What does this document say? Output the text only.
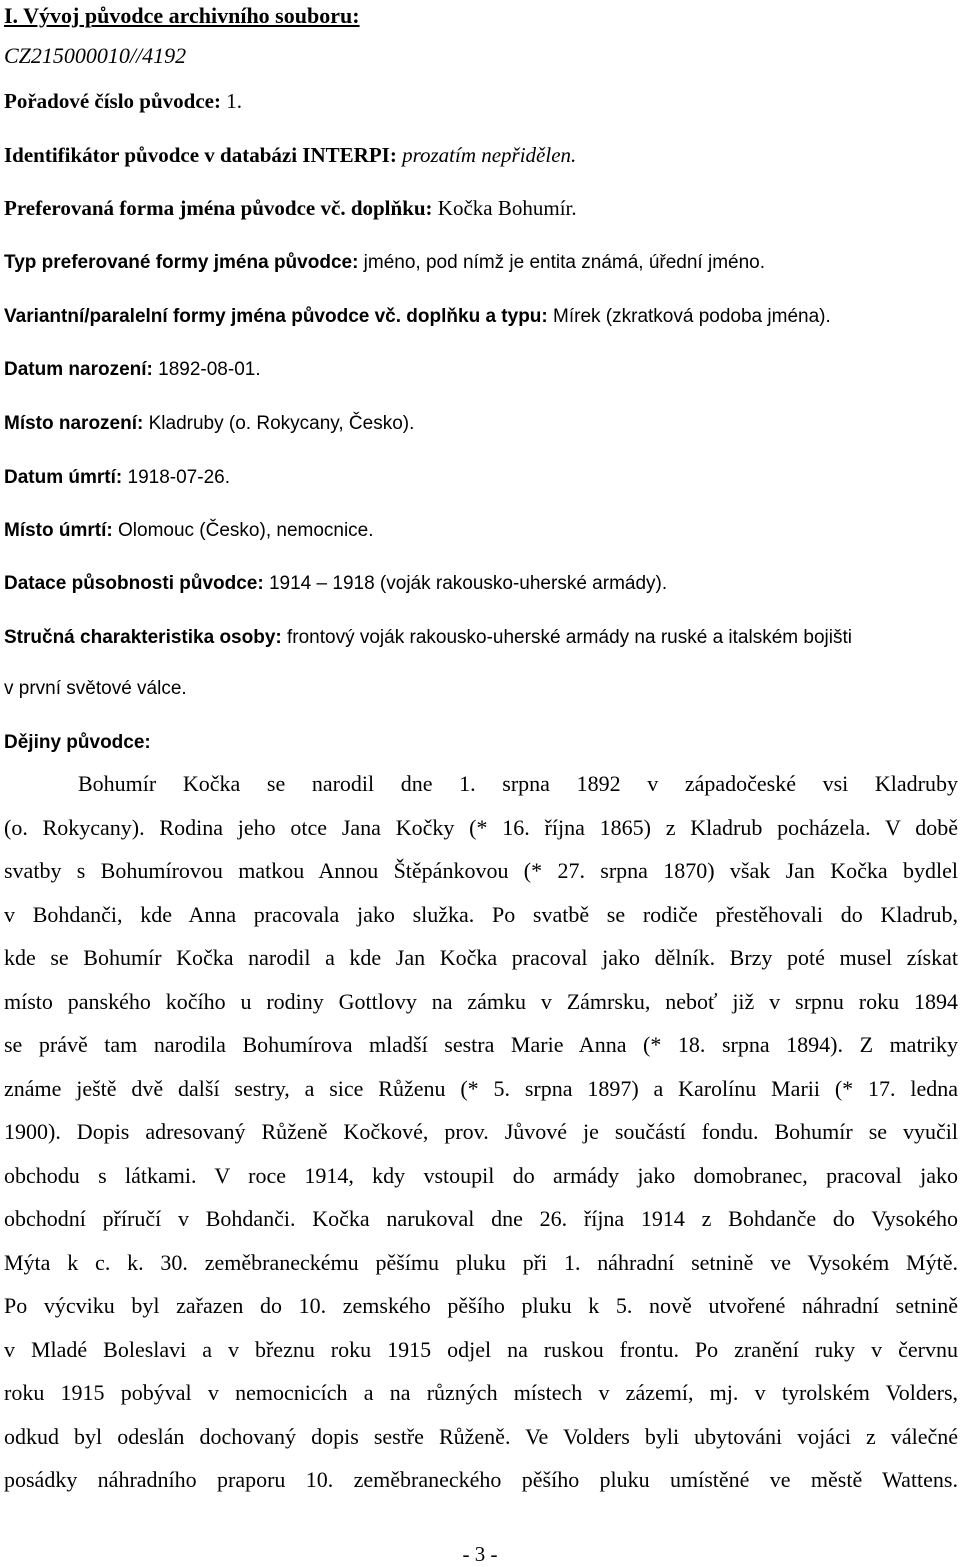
I. Vývoj původce archivního souboru:
CZ215000010//4192
Pořadové číslo původce: 1.
Identifikátor původce v databázi INTERPI: prozatím nepřidělen.
Preferovaná forma jména původce vč. doplňku: Kočka Bohumír.
Typ preferované formy jména původce: jméno, pod nímž je entita známá, úřední jméno.
Variantní/paralelní formy jména původce vč. doplňku a typu: Mírek (zkratková podoba jména).
Datum narození: 1892-08-01.
Místo narození: Kladruby (o. Rokycany, Česko).
Datum úmrtí: 1918-07-26.
Místo úmrtí: Olomouc (Česko), nemocnice.
Datace působnosti původce: 1914 – 1918 (voják rakousko-uherské armády).
Stručná charakteristika osoby: frontový voják rakousko-uherské armády na ruské a italském bojišti
v první světové válce.
Dějiny původce:
Bohumír Kočka se narodil dne 1. srpna 1892 v západočeské vsi Kladruby
(o. Rokycany). Rodina jeho otce Jana Kočky (* 16. října 1865) z Kladrub pocházela. V době
svatby s Bohumírovou matkou Annou Štěpánkovou (* 27. srpna 1870) však Jan Kočka bydlel
v Bohdanči, kde Anna pracovala jako služka. Po svatbě se rodiče přestěhovali do Kladrub,
kde se Bohumír Kočka narodil a kde Jan Kočka pracoval jako dělník. Brzy poté musel získat
místo panského kočího u rodiny Gottlovy na zámku v Zámrsku, neboť již v srpnu roku 1894
se právě tam narodila Bohumírova mladší sestra Marie Anna (* 18. srpna 1894). Z matriky
známe ještě dvě další sestry, a sice Růženu (* 5. srpna 1897) a Karolínu Marii (* 17. ledna
1900). Dopis adresovaný Růženě Kočkové, prov. Jůvové je součástí fondu. Bohumír se vyučil
obchodu s látkami. V roce 1914, kdy vstoupil do armády jako domobranec, pracoval jako
obchodní příručí v Bohdanči. Kočka narukoval dne 26. října 1914 z Bohdanče do Vysokého
Mýta k c. k. 30. zeměbraneckému pěšímu pluku při 1. náhradní setnině ve Vysokém Mýtě.
Po výcviku byl zařazen do 10. zemského pěšího pluku k 5. nově utvořené náhradní setnině
v Mladé Boleslavi a v březnu roku 1915 odjel na ruskou frontu. Po zranění ruky v červnu
roku 1915 pobýval v nemocnicích a na různých místech v zázemí, mj. v tyrolském Volders,
odkud byl odeslán dochovaný dopis sestře Růženě. Ve Volders byli ubytováni vojáci z válečné
posádky náhradního praporu 10. zeměbraneckého pěšího pluku umístěné ve městě Wattens.
- 3 -
